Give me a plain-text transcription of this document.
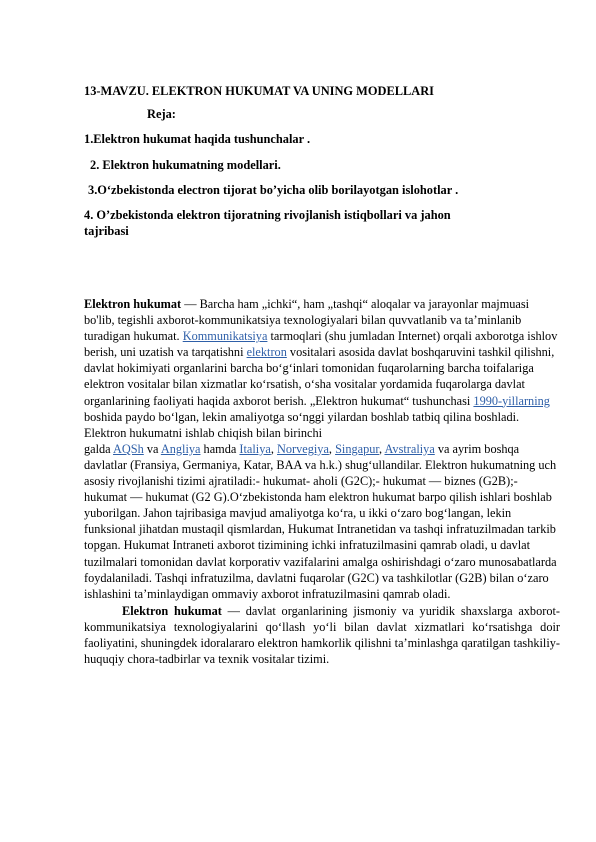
13-MAVZU. ELEKTRON HUKUMAT VA UNING MODELLARI
Reja:
1.Elektron hukumat haqida tushunchalar .
2. Elektron hukumatning modellari.
3.O‘zbekistonda electron tijorat bo’yicha olib borilayotgan islohotlar .
4. O’zbekistonda elektron tijoratning rivojlanish istiqbollari va jahon
tajribasi

Elektron hukumat — Barcha ham „ichki“, ham „tashqi“ aloqalar va jarayonlar majmuasi bo'lib, tegishli axborot-kommunikatsiya texnologiyalari bilan quvvatlanib va ta’minlanib turadigan hukumat. Kommunikatsiya tarmoqlari (shu jumladan Internet) orqali axborotga ishlov berish, uni uzatish va tarqatishni elektron vositalari asosida davlat boshqaruvini tashkil qilishni, davlat hokimiyati organlarini barcha bo‘g‘inlari tomonidan fuqarolarning barcha toifalariga elektron vositalar bilan xizmatlar ko‘rsatish, o‘sha vositalar yordamida fuqarolarga davlat organlarining faoliyati haqida axborot berish. „Elektron hukumat“ tushunchasi 1990-yillarning boshida paydo bo‘lgan, lekin amaliyotga so‘nggi yilardan boshlab tatbiq qilina boshladi. Elektron hukumatni ishlab chiqish bilan birinchi
galda AQSh va Angliya hamda Italiya, Norvegiya, Singapur, Avstraliya va ayrim boshqa davlatlar (Fransiya, Germaniya, Katar, BAA va h.k.) shug‘ullandilar. Elektron hukumatning uch asosiy rivojlanishi tizimi ajratiladi:- hukumat- aholi (G2C);- hukumat — biznes (G2B);- hukumat — hukumat (G2 G).O‘zbekistonda ham elektron hukumat barpo qilish ishlari boshlab yuborilgan. Jahon tajribasiga mavjud amaliyotga ko‘ra, u ikki o‘zaro bog‘langan, lekin funksional jihatdan mustaqil qismlardan, Hukumat Intranetidan va tashqi infratuzilmadan tarkib topgan. Hukumat Intraneti axborot tizimining ichki infratuzilmasini qamrab oladi, u davlat tuzilmalari tomonidan davlat korporativ vazifalarini amalga oshirishdagi o‘zaro munosabatlarda foydalaniladi. Tashqi infratuzilma, davlatni fuqarolar (G2C) va tashkilotlar (G2B) bilan o‘zaro ishlashini ta’minlaydigan ommaviy axborot infratuzilmasini qamrab oladi.

Elektron hukumat — davlat organlarining jismoniy va yuridik shaxslarga axborot-kommunikatsiya texnologiyalarini qo‘llash yo‘li bilan davlat xizmatlari ko‘rsatishga doir faoliyatini, shuningdek idoralararo elektron hamkorlik qilishni ta’minlashga qaratilgan tashkiliy-huquqiy chora-tadbirlar va texnik vositalar tizimi.
